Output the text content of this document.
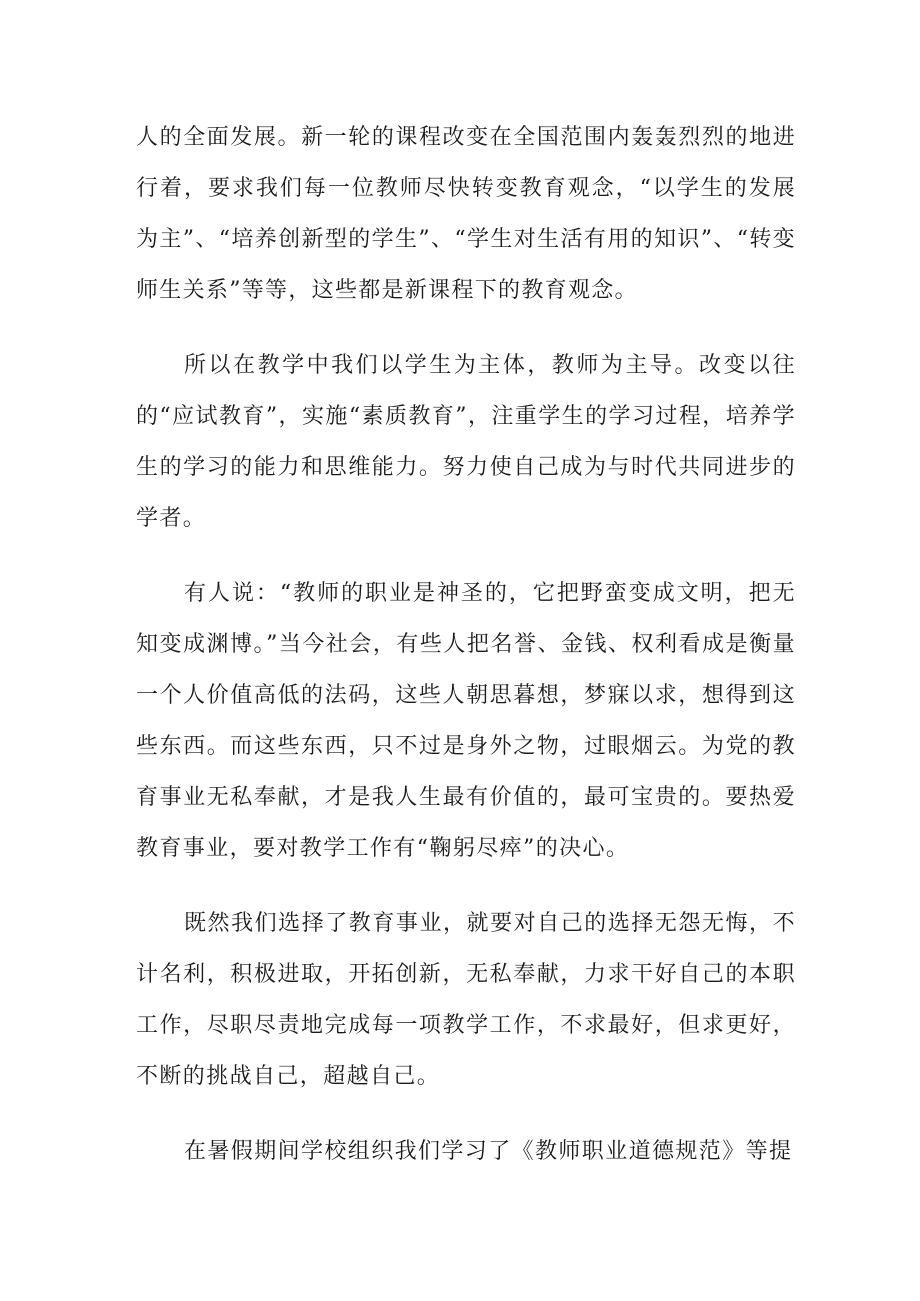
人的全面发展。新一轮的课程改变在全国范围内轰轰烈烈的地进行着，要求我们每一位教师尽快转变教育观念，“以学生的发展为主”、“培养创新型的学生”、“学生对生活有用的知识”、“转变师生关系”等等，这些都是新课程下的教育观念。

所以在教学中我们以学生为主体，教师为主导。改变以往的“应试教育”，实施“素质教育”，注重学生的学习过程，培养学生的学习的能力和思维能力。努力使自己成为与时代共同进步的学者。

有人说：“教师的职业是神圣的，它把野蛮变成文明，把无知变成渊博。”当今社会，有些人把名誉、金钱、权利看成是衡量一个人价值高低的法码，这些人朝思暮想，梦寐以求，想得到这些东西。而这些东西，只不过是身外之物，过眼烟云。为党的教育事业无私奉献，才是我人生最有价值的，最可宝贵的。要热爱教育事业，要对教学工作有“鞠躬尽瘁”的决心。

既然我们选择了教育事业，就要对自己的选择无怨无悔，不计名利，积极进取，开拓创新，无私奉献，力求干好自己的本职工作，尽职尽责地完成每一项教学工作，不求最好，但求更好，不断的挑战自己，超越自己。

在暑假期间学校组织我们学习了《教师职业道德规范》等提
